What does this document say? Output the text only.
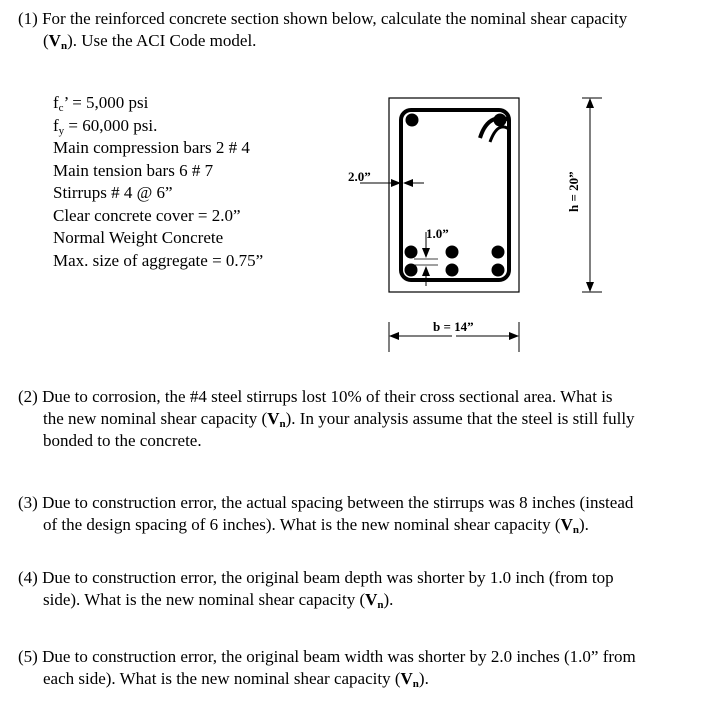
(1) For the reinforced concrete section shown below, calculate the nominal shear capacity
$(V_n)$. Use the ACI Code model.
$f_c$’ = 5,000 psi
$f_y = 60,000$ psi.
Main compression bars 2 # 4
Main tension bars 6 # 7
Stirrups # 4 @ 6”
Clear concrete cover = 2.0”
Normal Weight Concrete
Max. size of aggregate = 0.75”
2.0”
1.0”
b = 14”
h = 20”
(2) Due to corrosion, the #4 steel stirrups lost 10% of their cross sectional area. What is
the new nominal shear capacity $(V_n)$. In your analysis assume that the steel is still fully
bonded to the concrete.
(3) Due to construction error, the actual spacing between the stirrups was 8 inches (instead
of the design spacing of 6 inches). What is the new nominal shear capacity $(V_n)$.
(4) Due to construction error, the original beam depth was shorter by 1.0 inch (from top
side). What is the new nominal shear capacity $(V_n)$.
(5) Due to construction error, the original beam width was shorter by 2.0 inches (1.0” from
each side). What is the new nominal shear capacity $(V_n)$.
